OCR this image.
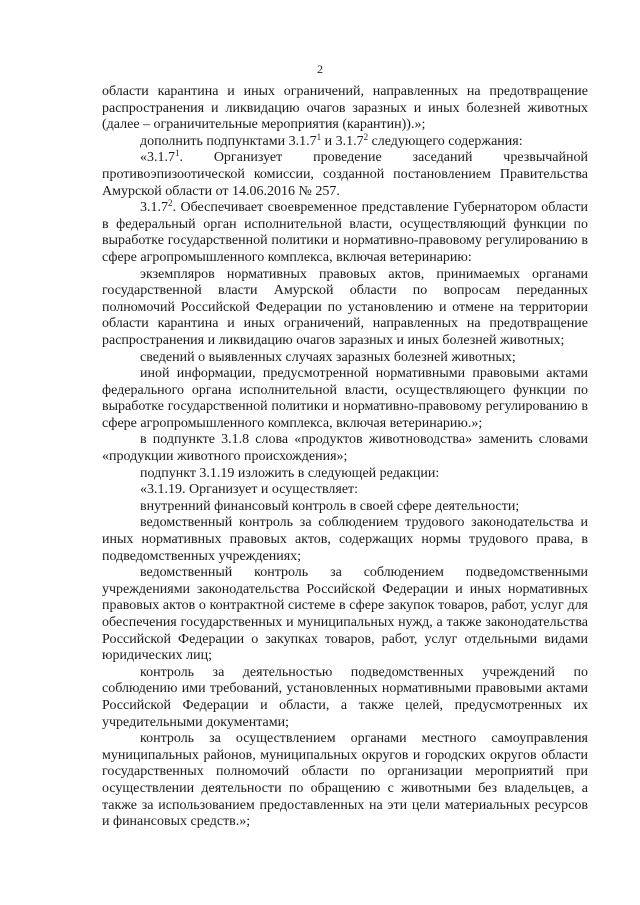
2

области карантина и иных ограничений, направленных на предотвращение распространения и ликвидацию очагов заразных и иных болезней животных (далее – ограничительные мероприятия (карантин)).»;

дополнить подпунктами 3.1.7$^1$ и 3.1.7$^2$ следующего содержания:

«3.1.7$^1$. Организует проведение заседаний чрезвычайной противоэпизоотической комиссии, созданной постановлением Правительства Амурской области от 14.06.2016 № 257.

3.1.7$^2$. Обеспечивает своевременное представление Губернатором области в федеральный орган исполнительной власти, осуществляющий функции по выработке государственной политики и нормативно-правовому регулированию в сфере агропромышленного комплекса, включая ветеринарию:

экземпляров нормативных правовых актов, принимаемых органами государственной власти Амурской области по вопросам переданных полномочий Российской Федерации по установлению и отмене на территории области карантина и иных ограничений, направленных на предотвращение распространения и ликвидацию очагов заразных и иных болезней животных;

сведений о выявленных случаях заразных болезней животных;

иной информации, предусмотренной нормативными правовыми актами федерального органа исполнительной власти, осуществляющего функции по выработке государственной политики и нормативно-правовому регулированию в сфере агропромышленного комплекса, включая ветеринарию.»;

в подпункте 3.1.8 слова «продуктов животноводства» заменить словами «продукции животного происхождения»;

подпункт 3.1.19 изложить в следующей редакции:

«3.1.19. Организует и осуществляет:

внутренний финансовый контроль в своей сфере деятельности;

ведомственный контроль за соблюдением трудового законодательства и иных нормативных правовых актов, содержащих нормы трудового права, в подведомственных учреждениях;

ведомственный контроль за соблюдением подведомственными учреждениями законодательства Российской Федерации и иных нормативных правовых актов о контрактной системе в сфере закупок товаров, работ, услуг для обеспечения государственных и муниципальных нужд, а также законодательства Российской Федерации о закупках товаров, работ, услуг отдельными видами юридических лиц;

контроль за деятельностью подведомственных учреждений по соблюдению ими требований, установленных нормативными правовыми актами Российской Федерации и области, а также целей, предусмотренных их учредительными документами;

контроль за осуществлением органами местного самоуправления муниципальных районов, муниципальных округов и городских округов области государственных полномочий области по организации мероприятий при осуществлении деятельности по обращению с животными без владельцев, а также за использованием предоставленных на эти цели материальных ресурсов и финансовых средств.»;
